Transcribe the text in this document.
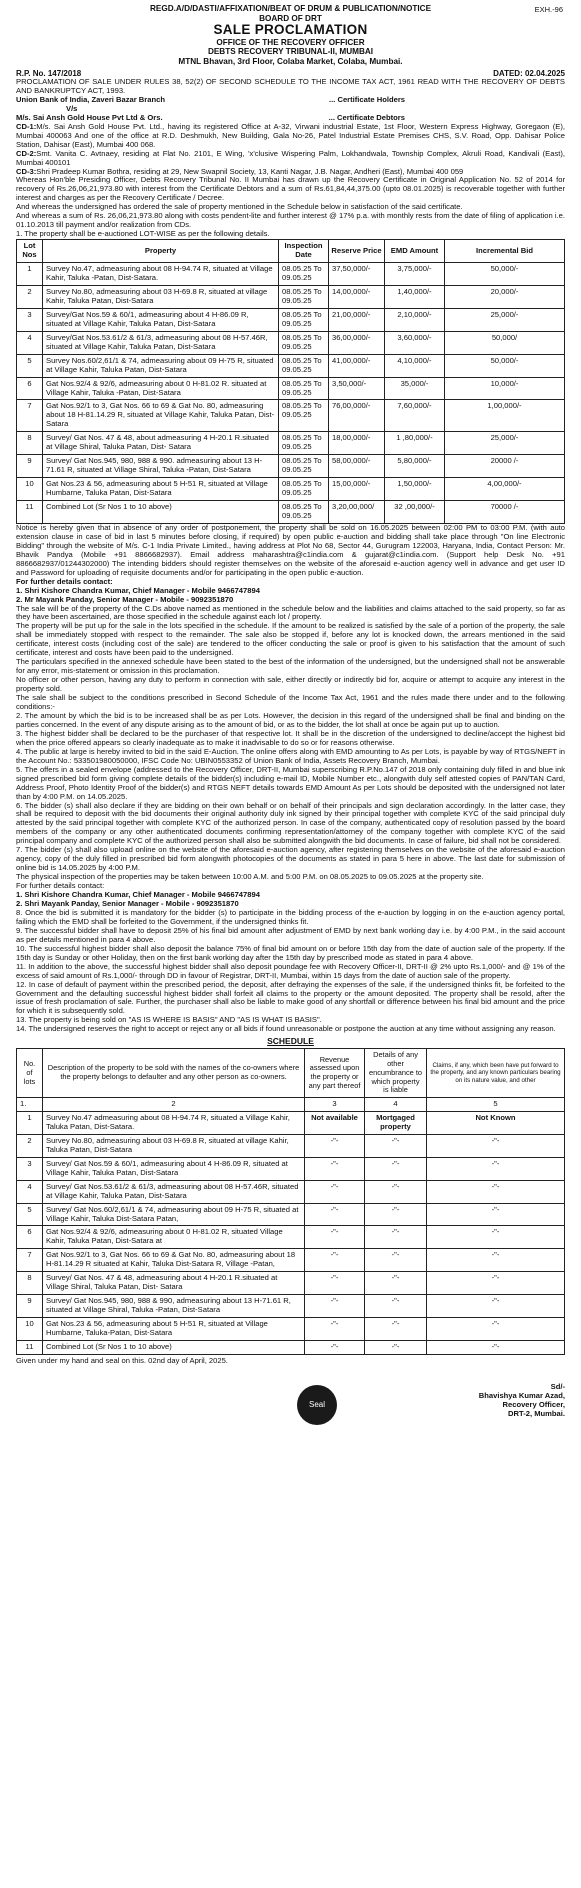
EXH.-96
REGD.A/D/DASTI/AFFIXATION/BEAT OF DRUM & PUBLICATION/NOTICE
BOARD OF DRT
SALE PROCLAMATION
OFFICE OF THE RECOVERY OFFICER
DEBTS RECOVERY TRIBUNAL-II, MUMBAI
MTNL Bhavan, 3rd Floor, Colaba Market, Colaba, Mumbai.
R.P. No. 147/2018	DATED: 02.04.2025
PROCLAMATION OF SALE UNDER RULES 38, 52(2) OF SECOND SCHEDULE TO THE INCOME TAX ACT, 1961 READ WITH THE RECOVERY OF DEBTS AND BANKRUPTCY ACT, 1993.
Union Bank of India, Zaveri Bazar Branch	... Certificate Holders
V/s
M/s. Sai Ansh Gold House Pvt Ltd & Ors.	... Certificate Debtors
CD-1:M/s. Sai Ansh Gold House Pvt. Ltd., having its registered Office at A-32, Virwani industrial Estate, 1st Floor, Western Express Highway, Goregaon (E), Mumbai 400063 And one of the office at R.D. Deshmukh, New Building, Gala No-26, Patel Industrial Estate Premises CHS, S.V. Road, Opp. Dahisar Police Station, Dahisar (East), Mumbai 400 068.
CD-2:Smt. Vanita C. Avtnaey, residing at Flat No. 2101, E Wing, 'x'clusive Wispering Palm, Lokhandwala, Township Complex, Akruli Road, Kandivali (East), Mumbai 400101
CD-3:Shri Pradeep Kumar Bothra, residing at 29, New Swapnil Society, 13, Kanti Nagar, J.B. Nagar, Andheri (East), Mumbai 400 059
Whereas Hon'ble Presiding Officer, Debts Recovery Tribunal No. II Mumbai has drawn up the Recovery Certificate in Original Application No. 52 of 2014 for recovery of Rs.26,06,21,973.80 with interest from the Certificate Debtors and a sum of Rs.61,84,44,375.00 (upto 08.01.2025) is recoverable together with further interest and charges as per the Recovery Certificate / Decree.
And whereas the undersigned has ordered the sale of property mentioned in the Schedule below in satisfaction of the said certificate.
And whereas a sum of Rs. 26,06,21,973.80 along with costs pendent-lite and further interest @ 17% p.a. with monthly rests from the date of filing of application i.e. 01.10.2013 till payment and/or realization from CDs.
1. The property shall be e-auctioned LOT-WISE as per the following details.
Lot Nos	Property	Inspection Date	Reserve Price	EMD Amount	Incremental Bid
1	Survey No.47, admeasuring about 08 H-94.74 R, situated at Village Kahir, Taluka -Patan, Dist-Satara.	08.05.25 To 09.05.25	37,50,000/-	3,75,000/-	50,000/-
2	Survey No.80, admeasuring about 03 H-69.8 R, situated at village Kahir, Taluka Patan, Dist-Satara	08.05.25 To 09.05.25	14,00,000/-	1,40,000/-	20,000/-
3	Survey/Gat Nos.59 & 60/1, admeasuring about 4 H-86.09 R, situated at Village Kahir, Taluka Patan, Dist-Satara	08.05.25 To 09.05.25	21,00,000/-	2,10,000/-	25,000/-
4	Survey/Gat Nos.53.61/2 & 61/3, admeasuring about 08 H-57.46R, situated at Village Kahir, Taluka Patan, Dist-Satara	08.05.25 To 09.05.25	36,00,000/-	3,60,000/-	50,000/
5	Survey Nos.60/2,61/1 & 74, admeasuring about 09 H-75 R, situated at Village Kahir, Taluka Patan, Dist-Satara	08.05.25 To 09.05.25	41,00,000/-	4,10,000/-	50,000/-
6	Gat Nos.92/4 & 92/6, admeasuring about 0 H-81.02 R. situated at Village Kahir, Taluka -Patan, Dist-Satara	08.05.25 To 09.05.25	3,50,000/-	35,000/-	10,000/-
7	Gat Nos.92/1 to 3, Gat Nos. 66 to 69 & Gat No. 80, admeasuring about 18 H-81.14.29 R, situated at Village Kahir, Taluka Patan, Dist-Satara	08.05.25 To 09.05.25	76,00,000/-	7,60,000/-	1,00,000/-
8	Survey/ Gat Nos. 47 & 48, about admeasuring 4 H-20.1 R.situated at Village Shiral, Taluka Patan, Dist- Satara	08.05.25 To 09.05.25	18,00,000/-	1 ,80,000/-	25,000/-
9	Survey/ Gat Nos.945, 980, 988 & 990. admeasuring about 13 H-71.61 R, situated at Village Shiral, Taluka -Patan, Dist-Satara	08.05.25 To 09.05.25	58,00,000/-	5,80,000/-	20000 /-
10	Gat Nos.23 & 56, admeasuring about 5 H-51 R, situated at Village Humbarne, Taluka Patan, Dist-Satara	08.05.25 To 09.05.25	15,00,000/-	1,50,000/-	4,00,000/-
11	Combined Lot (Sr Nos 1 to 10 above)	08.05.25 To 09.05.25	3,20,00,000/	32 ,00,000/-	70000 /-
Notice is hereby given that in absence of any order of postponement, the property shall be sold on 16.05.2025 between 02:00 PM to 03:00 P.M. (with auto extension clause in case of bid in last 5 minutes before closing, if required) by open public e-auction and bidding shall take place through "On line Electronic Bidding" through the website of M/s. C-1 India Private Limited., having address at Plot No 68, Sector 44, Gurugram 122003, Haryana, India, Contact Person: Mr. Bhavik Pandya (Mobile +91 8866682937). Email address maharashtra@c1india.com & gujarat@c1india.com. (Support help Desk No. +91 8866682937/01244302000) The intending bidders should register themselves on the website of the aforesaid e-auction agency well in advance and get user ID and Password for uploading of requisite documents and/or for participating in the open public e-auction.
For further details contact:
1. Shri Kishore Chandra Kumar, Chief Manager - Mobile 9466747894
2. Mr Mayank Panday, Senior Manager - Mobile - 9092351870
The sale will be of the property of the C.Ds above named as mentioned in the schedule below and the liabilities and claims attached to the said property, so far as they have been ascertained, are those specified in the schedule against each lot / property.
The property will be put up for the sale in the lots specified in the schedule. If the amount to be realized is satisfied by the sale of a portion of the property, the sale shall be immediately stopped with respect to the remainder. The sale also be stopped if, before any lot is knocked down, the arrears mentioned in the said certificate, interest costs (including cost of the sale) are tendered to the officer conducting the sale or proof is given to his satisfaction that the amount of such certificate, interest and costs have been paid to the undersigned.
The particulars specified in the annexed schedule have been stated to the best of the information of the undersigned, but the undersigned shall not be answerable for any error, mis-statement or omission in this proclamation.
No officer or other person, having any duty to perform in connection with sale, either directly or indirectly bid for, acquire or attempt to acquire any interest in the property sold.
The sale shall be subject to the conditions prescribed in Second Schedule of the Income Tax Act, 1961 and the rules made there under and to the following conditions:-
2. The amount by which the bid is to be increased shall be as per Lots. However, the decision in this regard of the undersigned shall be final and binding on the parties concerned. In the event of any dispute arising as to the amount of bid, or as to the bidder, the lot shall at once be again put up to auction.
3. The highest bidder shall be declared to be the purchaser of that respective lot. It shall be in the discretion of the undersigned to decline/accept the highest bid when the price offered appears so clearly inadequate as to make it inadvisable to do so or for reasons otherwise.
4. The public at large is hereby invited to bid in the said E-Auction. The online offers along with EMD amounting to As per Lots, is payable by way of RTGS/NEFT in the Account No.: 533501980050000, IFSC Code No: UBIN0553352 of Union Bank of India, Assets Recovery Branch, Mumbai.
5. The offers in a sealed envelope (addressed to the Recovery Officer, DRT-II, Mumbai superscribing R.P.No.147 of 2018 only containing duly filled in and blue ink signed prescribed bid form giving complete details of the bidder(s) including e-mail ID, Mobile Number etc., alongwith duly self attested copies of PAN/TAN Card, Address Proof, Photo Identity Proof of the bidder(s) and RTGS NEFT details towards EMD Amount As per Lots should be deposited with the undersigned not later than by 4:00 P.M. on 14.05.2025.
6. The bidder (s) shall also declare if they are bidding on their own behalf or on behalf of their principals and sign declaration accordingly. In the latter case, they shall be required to deposit with the bid documents their original authority duly ink signed by their principal together with complete KYC of the said principal duly attested by the said principal together with complete KYC of the authorized person. In case of the company, authenticated copy of resolution passed by the board members of the company or any other authenticated documents confirming representation/attorney of the company together with complete KYC of the said principal company and complete KYC of the authorized person shall also be submitted alongwith the bid documents. In case of failure, bid shall not be considered.
7. The bidder (s) shall also upload online on the website of the aforesaid e-auction agency, after registering themselves on the website of the aforesaid e-auction agency, copy of the duly filled in prescribed bid form alongwith photocopies of the documents as stated in para 5 here in above. The last date for submission of online bid is 14.05.2025 by 4:00 P.M.
The physical inspection of the properties may be taken between 10:00 A.M. and 5:00 P.M. on 08.05.2025 to 09.05.2025 at the property site.
For further details contact:
1. Shri Kishore Chandra Kumar, Chief Manager - Mobile 9466747894
2. Shri Mayank Panday, Senior Manager - Mobile - 9092351870
8. Once the bid is submitted it is mandatory for the bidder (s) to participate in the bidding process of the e-auction by logging in on the e-auction agency portal, failing which the EMD shall be forfeited to the Government, if the undersigned thinks fit.
9. The successful bidder shall have to deposit 25% of his final bid amount after adjustment of EMD by next bank working day i.e. by 4:00 P.M., in the said account as per details mentioned in para 4 above.
10. The successful highest bidder shall also deposit the balance 75% of final bid amount on or before 15th day from the date of auction sale of the property. If the 15th day is Sunday or other Holiday, then on the first bank working day after the 15th day by prescribed mode as stated in para 4 above.
11. In addition to the above, the successful highest bidder shall also deposit poundage fee with Recovery Officer-II, DRT-II @ 2% upto Rs.1,000/- and @ 1% of the excess of said amount of Rs.1,000/- through DD in favour of Registrar, DRT-II, Mumbai, within 15 days from the date of auction sale of the property.
12. In case of default of payment within the prescribed period, the deposit, after defraying the expenses of the sale, if the undersigned thinks fit, be forfeited to the Government and the defaulting successful highest bidder shall forfeit all claims to the property or the amount deposited. The property shall be resold, after the issue of fresh proclamation of sale. Further, the purchaser shall also be liable to make good of any shortfall or difference between his final bid amount and the price for which it is subsequently sold.
13. The property is being sold on "AS IS WHERE IS BASIS" AND "AS IS WHAT IS BASIS".
14. The undersigned reserves the right to accept or reject any or all bids if found unreasonable or postpone the auction at any time without assigning any reason.
SCHEDULE
No. of lots	Description of the property to be sold with the names of the co-owners where the property belongs to defaulter and any other person as co-owners.	Revenue assessed upon the property or any part thereof	Details of any other encumbrance to which property is liable	Claims, if any, which been have put forward to the property, and any known particulars bearing on its nature value, and other
1.	2	3	4	5
1	Survey No.47 admeasuring about 08 H-94.74 R, situated a Village Kahir, Taluka Patan, Dist-Satara.	Not available	Mortgaged property	Not Known
2	Survey No.80, admeasuring about 03 H-69.8 R, situated at village Kahir, Taluka Patan, Dist-Satara	-"-	-"-	-"-
3	Survey/ Gat Nos.59 & 60/1, admeasuring about 4 H-86.09 R, situated at Village Kahir, Taluka Patan, Dist-Satara	-"-	-"-	-"-
4	Survey/ Gat Nos.53.61/2 & 61/3, admeasuring about 08 H-57.46R, situated at Village Kahir, Taluka Patan, Dist-Satara	-"-	-"-	-"-
5	Survey/ Gat Nos.60/2,61/1 & 74, admeasuring about 09 H-75 R, situated at Village Kahir, Taluka Dist-Satara Patan,	-"-	-"-	-"-
6	Gat Nos.92/4 & 92/6, admeasuring about 0 H-81.02 R, situated Village Kahir, Taluka Patan, Dist-Satara at	-"-	-"-	-"-
7	Gat Nos.92/1 to 3, Gat Nos. 66 to 69 & Gat No. 80, admeasuring about 18 H-81.14.29 R situated at Kahir, Taluka Dist-Satara R, Village -Patan,	-"-	-"-	-"-
8	Survey/ Gat Nos. 47 & 48, admeasuring about 4 H-20.1 R.situated at Village Shiral, Taluka Patan, Dist- Satara	-"-	-"-	-"-
9	Survey/ Gat Nos.945, 980, 988 & 990, admeasuring about 13 H-71.61 R, situated at Village Shiral, Taluka -Patan, Dist-Satara	-"-	-"-	-"-
10	Gat Nos.23 & 56, admeasuring about 5 H-51 R, situated at Village Humbarne, Taluka-Patan, Dist-Satara	-"-	-"-	-"-
11	Combined Lot (Sr Nos 1 to 10 above)	-"-	-"-	-"-
Given under my hand and seal on this. 02nd day of April, 2025.
Seal
Sd/-
Bhavishya Kumar Azad,
Recovery Officer,
DRT-2, Mumbai.
